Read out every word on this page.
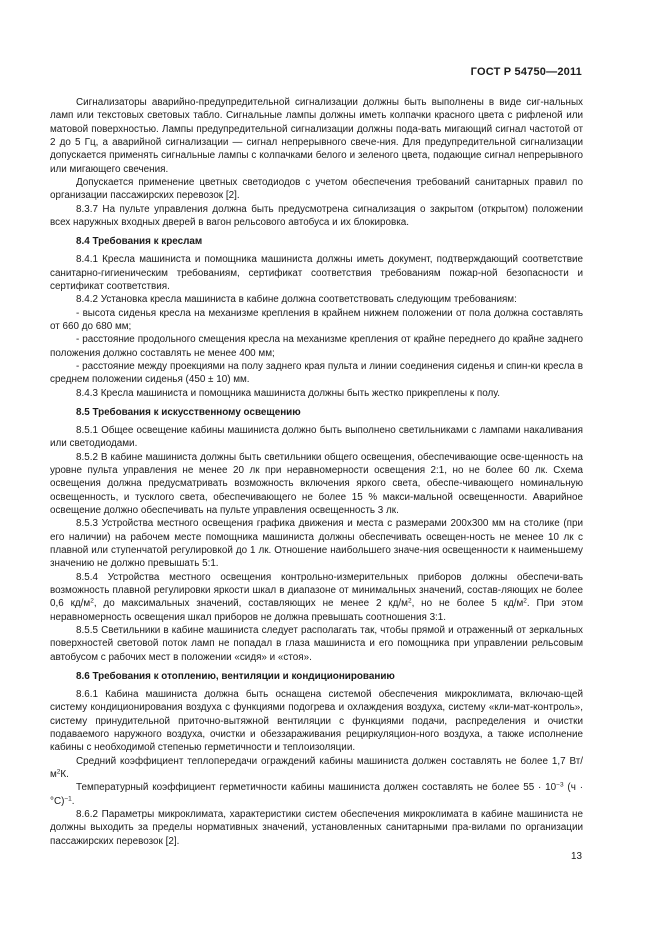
ГОСТ Р 54750—2011

Сигнализаторы аварийно-предупредительной сигнализации должны быть выполнены в виде сиг-нальных ламп или текстовых световых табло. Сигнальные лампы должны иметь колпачки красного цвета с рифленой или матовой поверхностью. Лампы предупредительной сигнализации должны пода-вать мигающий сигнал частотой от 2 до 5 Гц, а аварийной сигнализации — сигнал непрерывного свече-ния. Для предупредительной сигнализации допускается применять сигнальные лампы с колпачками белого и зеленого цвета, подающие сигнал непрерывного или мигающего свечения.

Допускается применение цветных светодиодов с учетом обеспечения требований санитарных правил по организации пассажирских перевозок [2].

8.3.7 На пульте управления должна быть предусмотрена сигнализация о закрытом (открытом) положении всех наружных входных дверей в вагон рельсового автобуса и их блокировка.

8.4 Требования к креслам

8.4.1 Кресла машиниста и помощника машиниста должны иметь документ, подтверждающий соответствие санитарно-гигиеническим требованиям, сертификат соответствия требованиям пожар-ной безопасности и сертификат соответствия.

8.4.2 Установка кресла машиниста в кабине должна соответствовать следующим требованиям:

- высота сиденья кресла на механизме крепления в крайнем нижнем положении от пола должна составлять от 660 до 680 мм;

- расстояние продольного смещения кресла на механизме крепления от крайне переднего до крайне заднего положения должно составлять не менее 400 мм;

- расстояние между проекциями на полу заднего края пульта и линии соединения сиденья и спин-ки кресла в среднем положении сиденья (450 ± 10) мм.

8.4.3 Кресла машиниста и помощника машиниста должны быть жестко прикреплены к полу.

8.5 Требования к искусственному освещению

8.5.1 Общее освещение кабины машиниста должно быть выполнено светильниками с лампами накаливания или светодиодами.

8.5.2 В кабине машиниста должны быть светильники общего освещения, обеспечивающие осве-щенность на уровне пульта управления не менее 20 лк при неравномерности освещения 2:1, но не более 60 лк. Схема освещения должна предусматривать возможность включения яркого света, обеспе-чивающего номинальную освещенность, и тусклого света, обеспечивающего не более 15 % макси-мальной освещенности. Аварийное освещение должно обеспечивать на пульте управления освещенность 3 лк.

8.5.3 Устройства местного освещения графика движения и места с размерами 200х300 мм на столике (при его наличии) на рабочем месте помощника машиниста должны обеспечивать освещен-ность не менее 10 лк с плавной или ступенчатой регулировкой до 1 лк. Отношение наибольшего значе-ния освещенности к наименьшему значению не должно превышать 5:1.

8.5.4 Устройства местного освещения контрольно-измерительных приборов должны обеспечи-вать возможность плавной регулировки яркости шкал в диапазоне от минимальных значений, состав-ляющих не более 0,6 $кд/м^2$, до максимальных значений, составляющих не менее 2 $кд/м^2$, но не более 5 $кд/м^2$. При этом неравномерность освещения шкал приборов не должна превышать соотношения 3:1.

8.5.5 Светильники в кабине машиниста следует располагать так, чтобы прямой и отраженный от зеркальных поверхностей световой поток ламп не попадал в глаза машиниста и его помощника при управлении рельсовым автобусом с рабочих мест в положении «сидя» и «стоя».

8.6 Требования к отоплению, вентиляции и кондиционированию

8.6.1 Кабина машиниста должна быть оснащена системой обеспечения микроклимата, включаю-щей систему кондиционирования воздуха с функциями подогрева и охлаждения воздуха, систему «кли-мат-контроль», систему принудительной приточно-вытяжной вентиляции с функциями подачи, распределения и очистки подаваемого наружного воздуха, очистки и обеззараживания рециркуляцион-ного воздуха, а также исполнение кабины с необходимой степенью герметичности и теплоизоляции.

Средний коэффициент теплопередачи ограждений кабины машиниста должен составлять не более 1,7 $Вт/м^2К$.

Температурный коэффициент герметичности кабины машиниста должен составлять не более $55 \cdot 10^{-3}$ $(ч \cdot ^\circ С)^{-1}$.

8.6.2 Параметры микроклимата, характеристики систем обеспечения микроклимата в кабине машиниста не должны выходить за пределы нормативных значений, установленных санитарными пра-вилами по организации пассажирских перевозок [2].

13
